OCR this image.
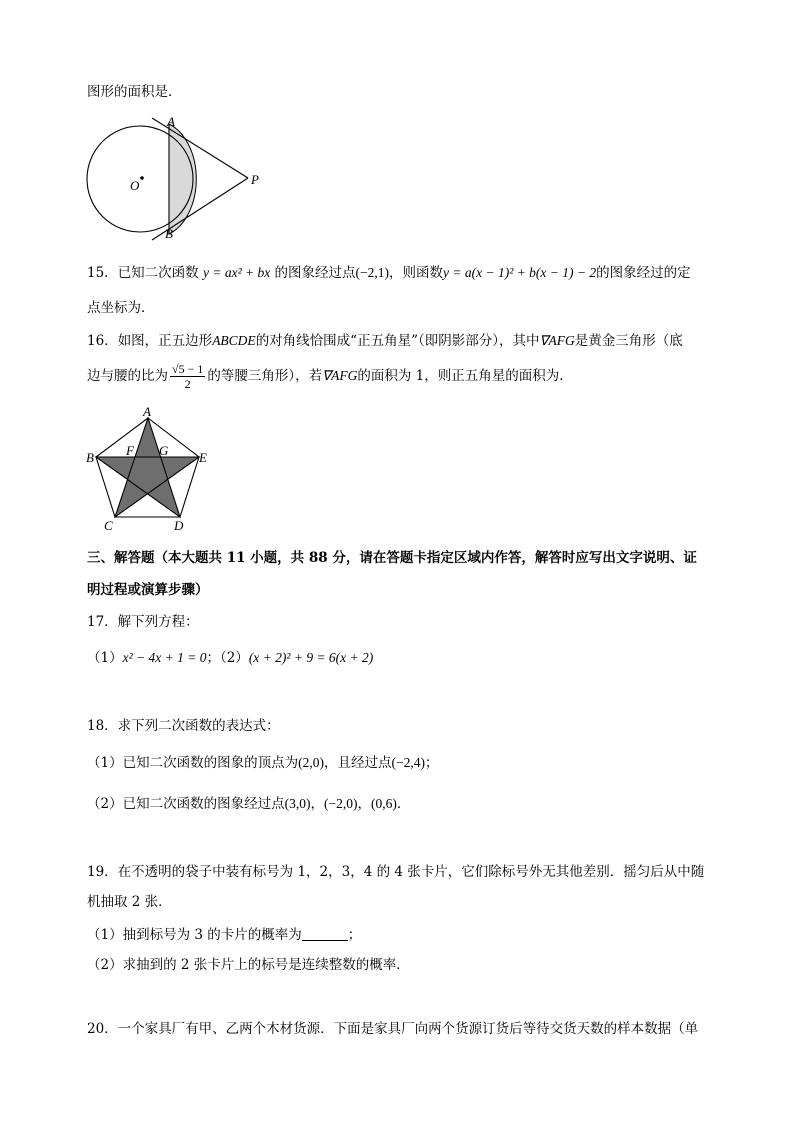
图形的面积是．
A
B
O	P
15．已知二次函数 y = ax² + bx 的图象经过点(−2,1)，则函数y = a(x − 1)² + b(x − 1) − 2的图象经过的定
点坐标为．
16．如图，正五边形ABCDE的对角线恰围成“正五角星”（即阴影部分），其中∇AFG是黄金三角形（底
边与腰的比为 $\frac{√5 - 1}{2}$ 的等腰三角形），若∇AFG的面积为 1，则正五角星的面积为．
A
B
C	D
E
F G
三、解答题（本大题共 11 小题，共 88 分，请在答题卡指定区域内作答，解答时应写出文字说明、证
明过程或演算步骤）
17．解下列方程：
（1）x² − 4x + 1 = 0；（2）(x + 2)² + 9 = 6(x + 2)
18．求下列二次函数的表达式：
（1）已知二次函数的图象的顶点为(2,0)，且经过点(−2,4)；
（2）已知二次函数的图象经过点(3,0)，(−2,0)，(0,6)．
19．在不透明的袋子中装有标号为 1，2，3，4 的 4 张卡片，它们除标号外无其他差别．摇匀后从中随
机抽取 2 张．
（1）抽到标号为 3 的卡片的概率为	；
（2）求抽到的 2 张卡片上的标号是连续整数的概率．
20．一个家具厂有甲、乙两个木材货源．下面是家具厂向两个货源订货后等待交货天数的样本数据（单
